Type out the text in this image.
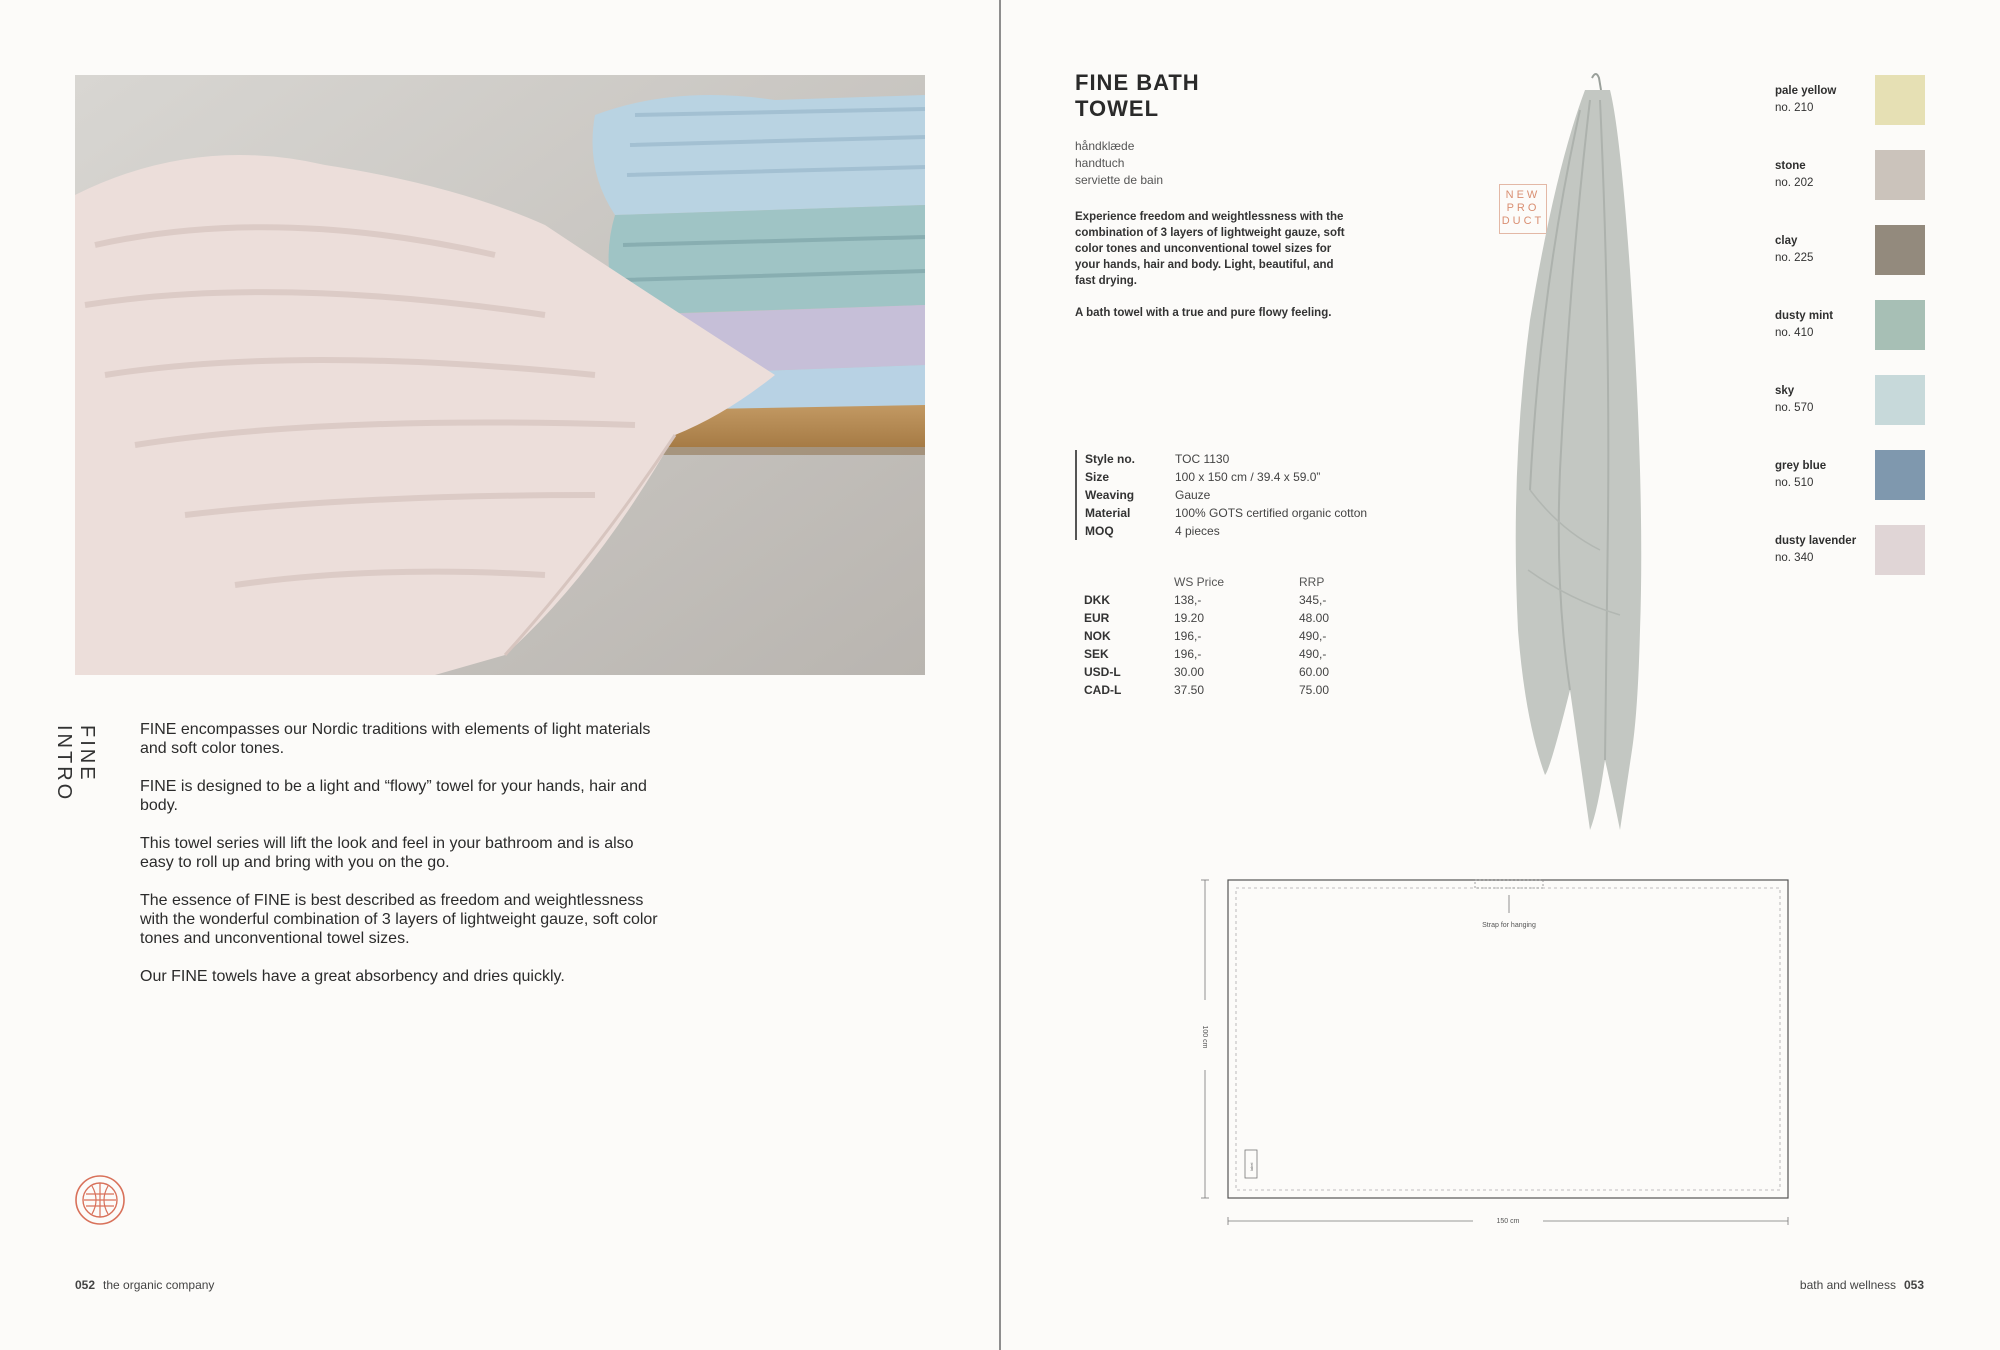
FINE INTRO	FINE encompasses our Nordic traditions with elements of light materials and soft color tones.

FINE is designed to be a light and “flowy” towel for your hands, hair and body.

This towel series will lift the look and feel in your bathroom and is also easy to roll up and bring with you on the go.

The essence of FINE is best described as freedom and weightlessness with the wonderful combination of 3 layers of lightweight gauze, soft color tones and unconventional towel sizes.

Our FINE towels have a great absorbency and dries quickly.

052 the organic company
FINE BATH
TOWEL
håndklæde
handtuch
serviette de bain

Experience freedom and weightlessness with the combination of 3 layers of lightweight gauze, soft color tones and unconventional towel sizes for your hands, hair and body. Light, beautiful, and fast drying.

A bath towel with a true and pure flowy feeling.

Style no.	TOC 1130
Size	100 x 150 cm / 39.4 x 59.0”
Weaving	Gauze
Material	100% GOTS certified organic cotton
MOQ	4 pieces
WS Price	RRP
DKK	138,-	345,-
EUR	19.20	48.00
NOK	196,-	490,-
SEK	196,-	490,-
USD-L	30.00	60.00
CAD-L	37.50	75.00
NEW
PRO
DUCT
pale yellow
no. 210
stone
no. 202
clay
no. 225
dusty mint
no. 410
sky
no. 570
grey blue
no. 510
dusty lavender
no. 340
Strap for hanging
label
100 cm
150 cm
bath and wellness 053
